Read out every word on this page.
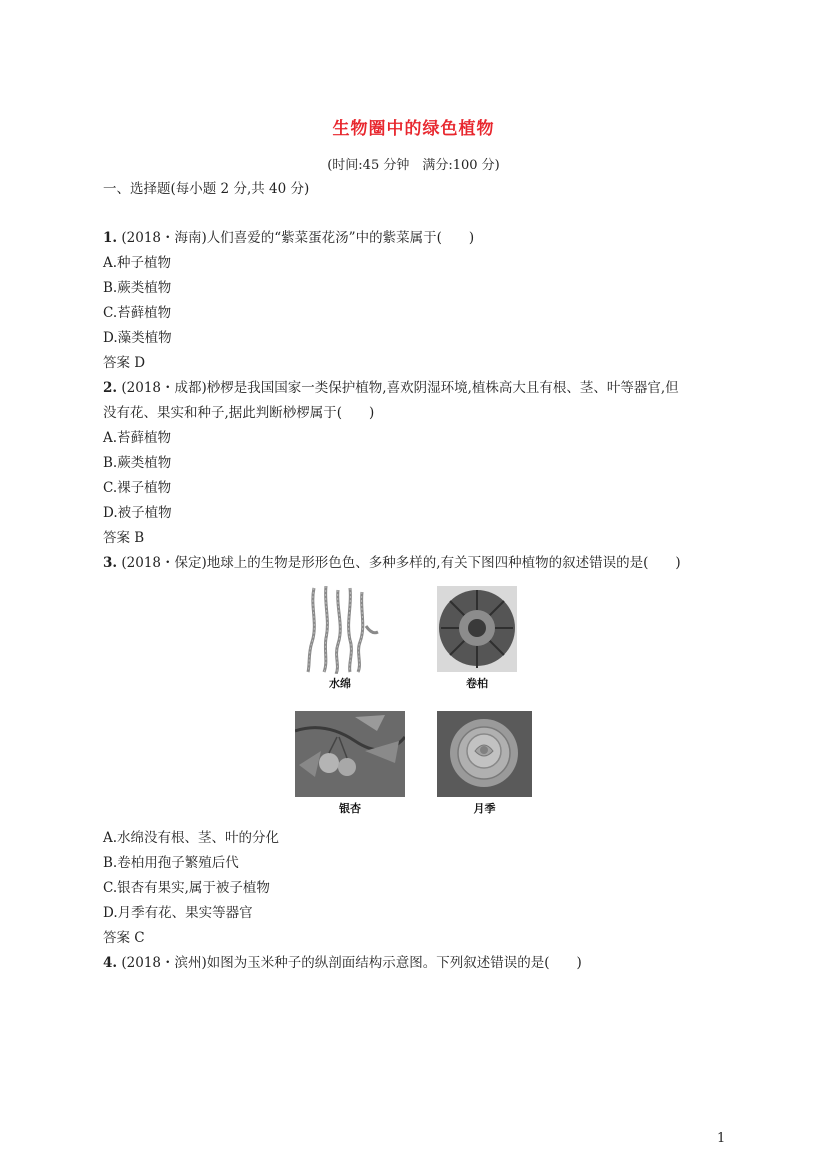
生物圈中的绿色植物
(时间:45 分钟　满分:100 分)
一、选择题(每小题 2 分,共 40 分)
1. (2018・海南)人们喜爱的“紫菜蛋花汤”中的紫菜属于(　　)
A.种子植物
B.蕨类植物
C.苔藓植物
D.藻类植物
答案 D
2. (2018・成都)桫椤是我国国家一类保护植物,喜欢阴湿环境,植株高大且有根、茎、叶等器官,但
没有花、果实和种子,据此判断桫椤属于(　　)
A.苔藓植物
B.蕨类植物
C.裸子植物
D.被子植物
答案 B
3. (2018・保定)地球上的生物是形形色色、多种多样的,有关下图四种植物的叙述错误的是(　　)
水绵	卷柏
银杏	月季
A.水绵没有根、茎、叶的分化
B.卷柏用孢子繁殖后代
C.银杏有果实,属于被子植物
D.月季有花、果实等器官
答案 C
4. (2018・滨州)如图为玉米种子的纵剖面结构示意图。下列叙述错误的是(　　)
1
